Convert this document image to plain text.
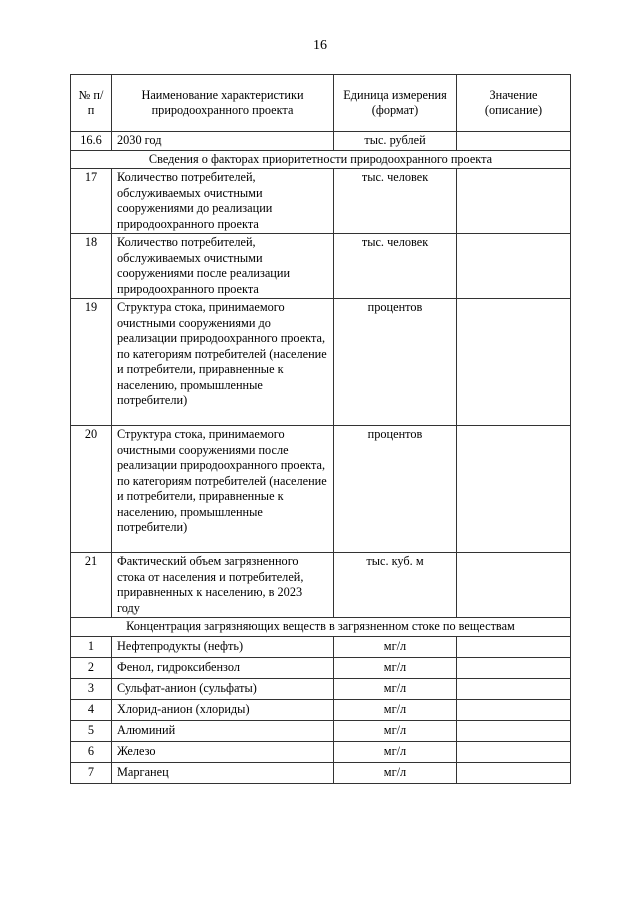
16
№ п/п	Наименование характеристики природоохранного проекта	Единица измерения (формат)	Значение (описание)
16.6	2030 год	тыс. рублей	
Сведения о факторах приоритетности природоохранного проекта			
17	Количество потребителей, обслуживаемых очистными сооружениями до реализации природоохранного проекта	тыс. человек	
18	Количество потребителей, обслуживаемых очистными сооружениями после реализации природоохранного проекта	тыс. человек	
19	Структура стока, принимаемого очистными сооружениями до реализации природоохранного проекта, по категориям потребителей (население и потребители, приравненные к населению, промышленные потребители)	процентов	
20	Структура стока, принимаемого очистными сооружениями после реализации природоохранного проекта, по категориям потребителей (население и потребители, приравненные к населению, промышленные потребители)	процентов	
21	Фактический объем загрязненного стока от населения и потребителей, приравненных к населению, в 2023 году	тыс. куб. м	
Концентрация загрязняющих веществ в загрязненном стоке по веществам			
1	Нефтепродукты (нефть)	мг/л	
2	Фенол, гидроксибензол	мг/л	
3	Сульфат-анион (сульфаты)	мг/л	
4	Хлорид-анион (хлориды)	мг/л	
5	Алюминий	мг/л	
6	Железо	мг/л	
7	Марганец	мг/л	
